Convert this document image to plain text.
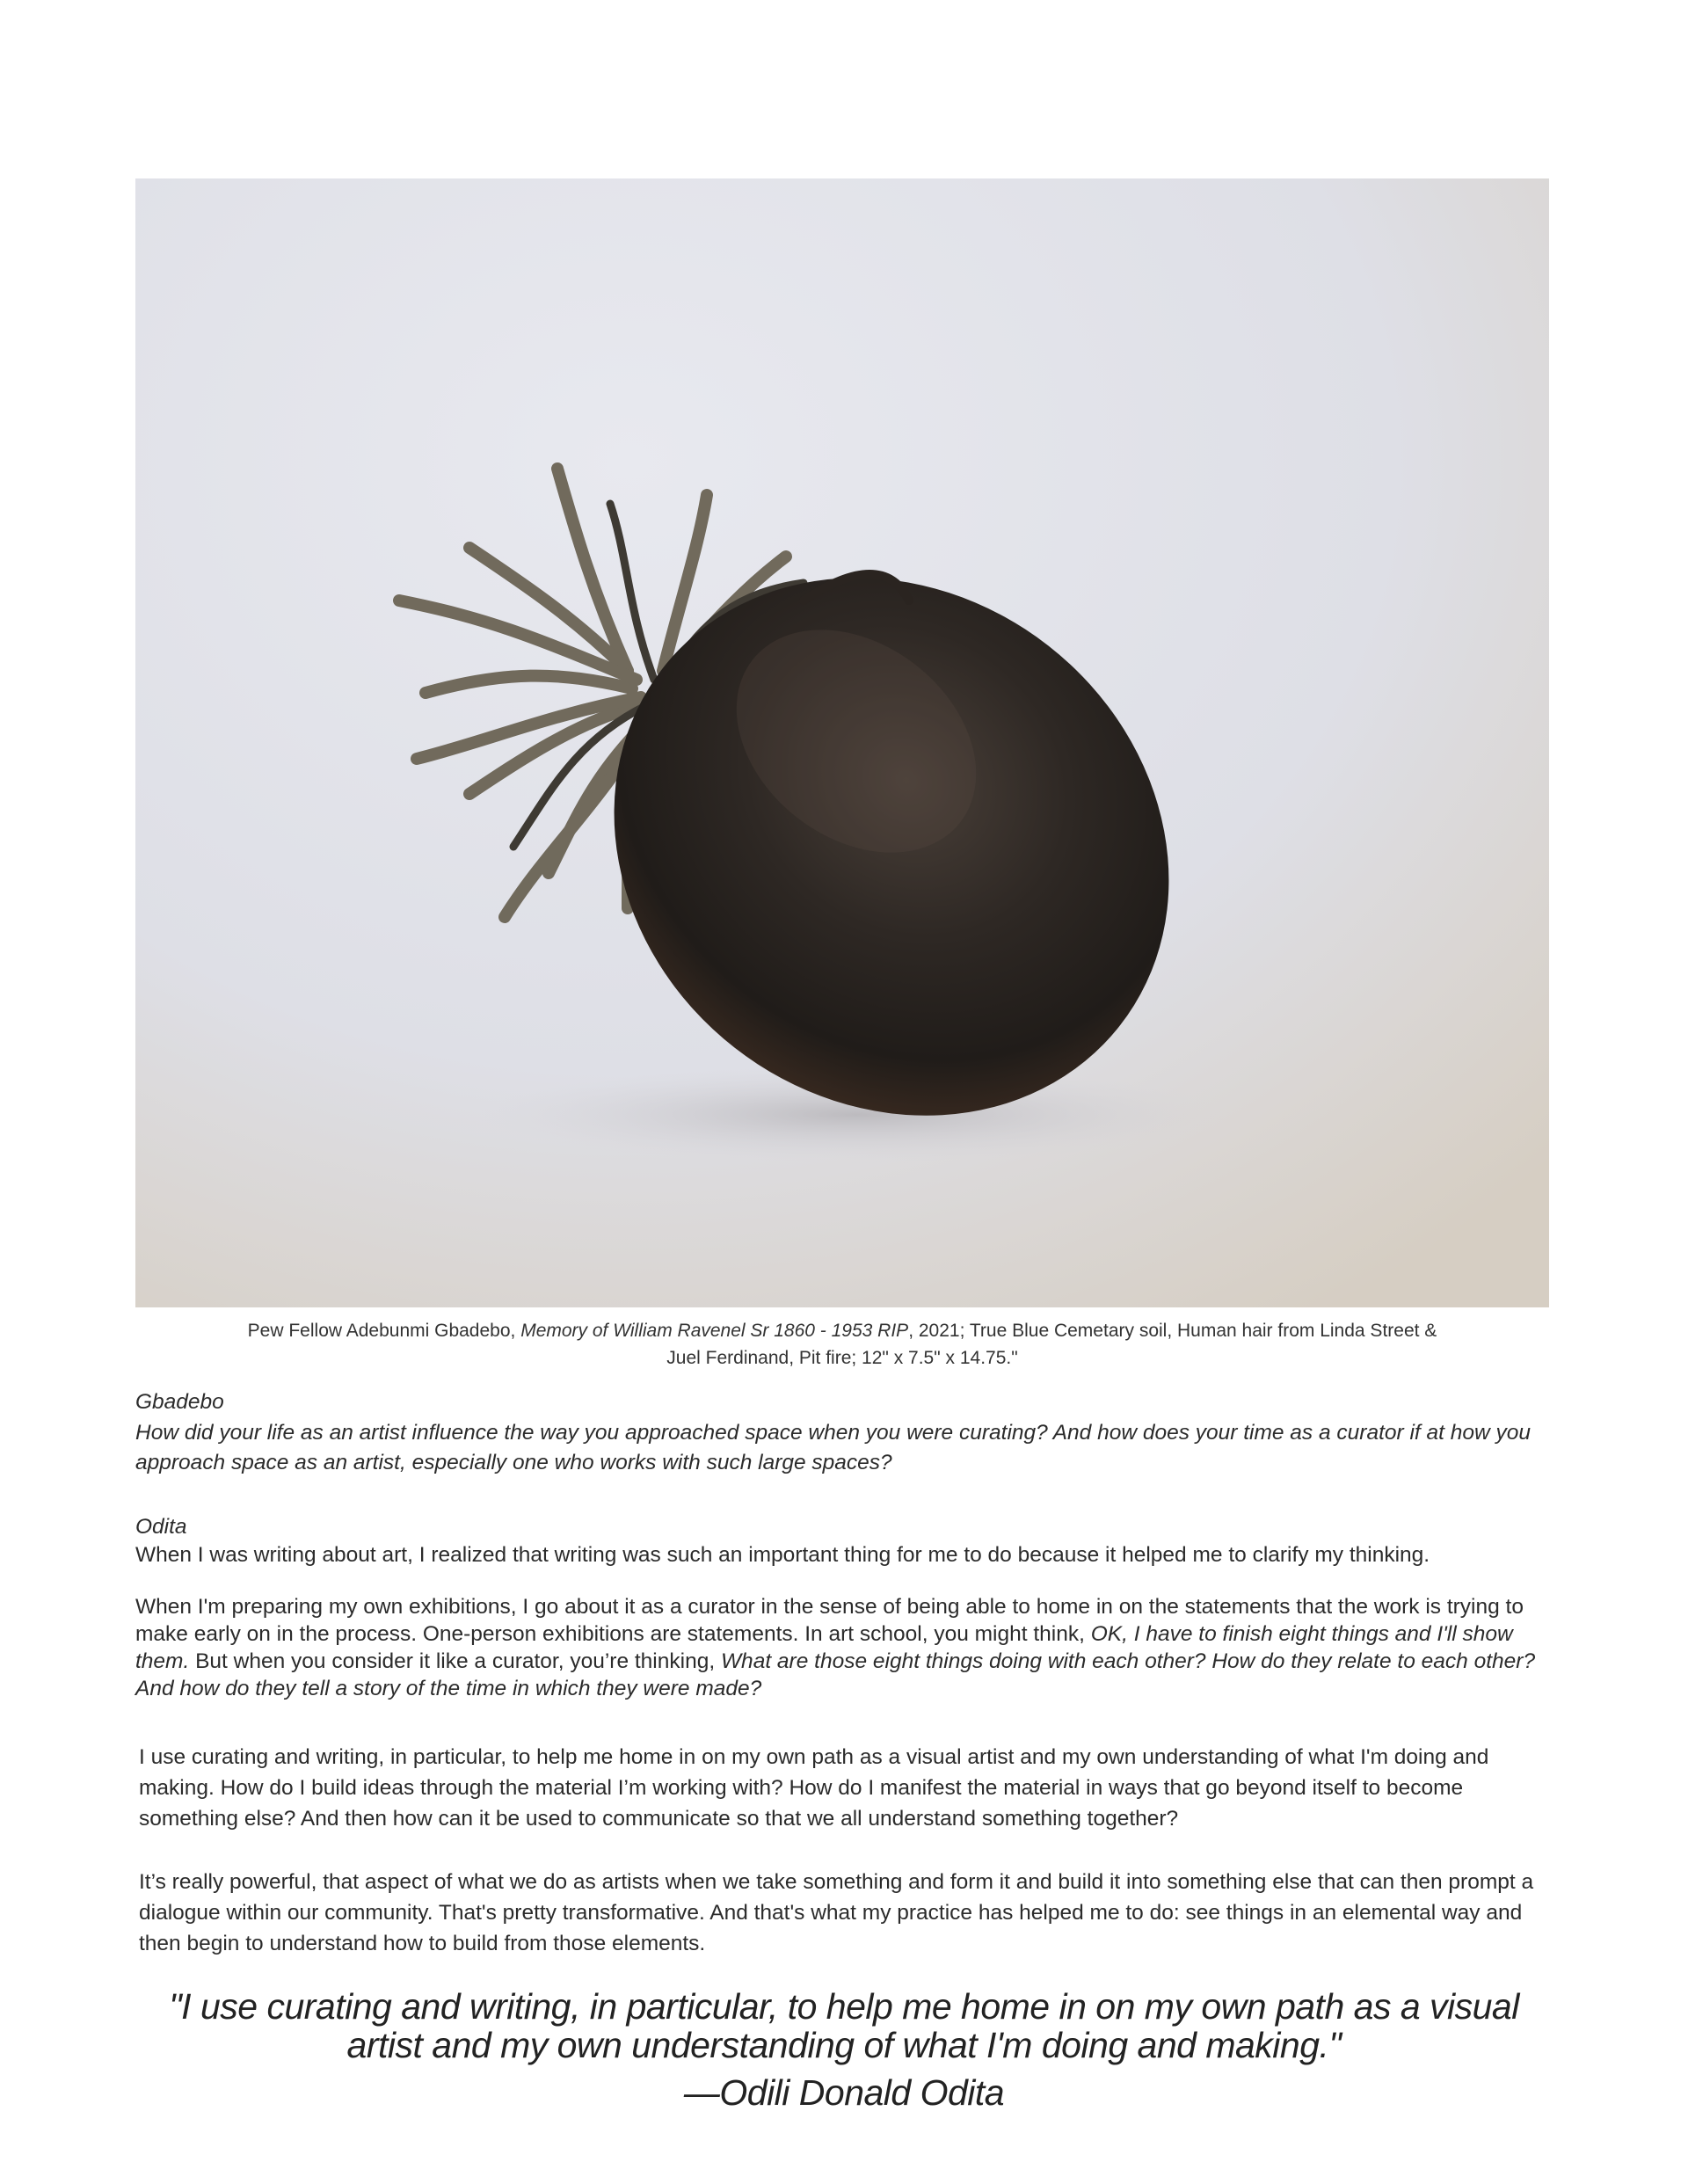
Pew Fellow Adebunmi Gbadebo, Memory of William Ravenel Sr 1860 - 1953 RIP, 2021; True Blue Cemetary soil, Human hair from Linda Street &
Juel Ferdinand, Pit fire; 12" x 7.5" x 14.75."
Gbadebo
How did your life as an artist influence the way you approached space when you were curating? And how does your time as a curator if at how you approach space as an artist, especially one who works with such large spaces?
Odita
When I was writing about art, I realized that writing was such an important thing for me to do because it helped me to clarify my thinking.
When I'm preparing my own exhibitions, I go about it as a curator in the sense of being able to home in on the statements that the work is trying to make early on in the process. One-person exhibitions are statements. In art school, you might think, OK, I have to finish eight things and I'll show them. But when you consider it like a curator, you’re thinking, What are those eight things doing with each other? How do they relate to each other? And how do they tell a story of the time in which they were made?
I use curating and writing, in particular, to help me home in on my own path as a visual artist and my own understanding of what I'm doing and making. How do I build ideas through the material I’m working with? How do I manifest the material in ways that go beyond itself to become something else? And then how can it be used to communicate so that we all understand something together?
It’s really powerful, that aspect of what we do as artists when we take something and form it and build it into something else that can then prompt a dialogue within our community. That's pretty transformative. And that's what my practice has helped me to do: see things in an elemental way and then begin to understand how to build from those elements.
"I use curating and writing, in particular, to help me home in on my own path as a visual artist and my own understanding of what I'm doing and making."
—Odili Donald Odita
